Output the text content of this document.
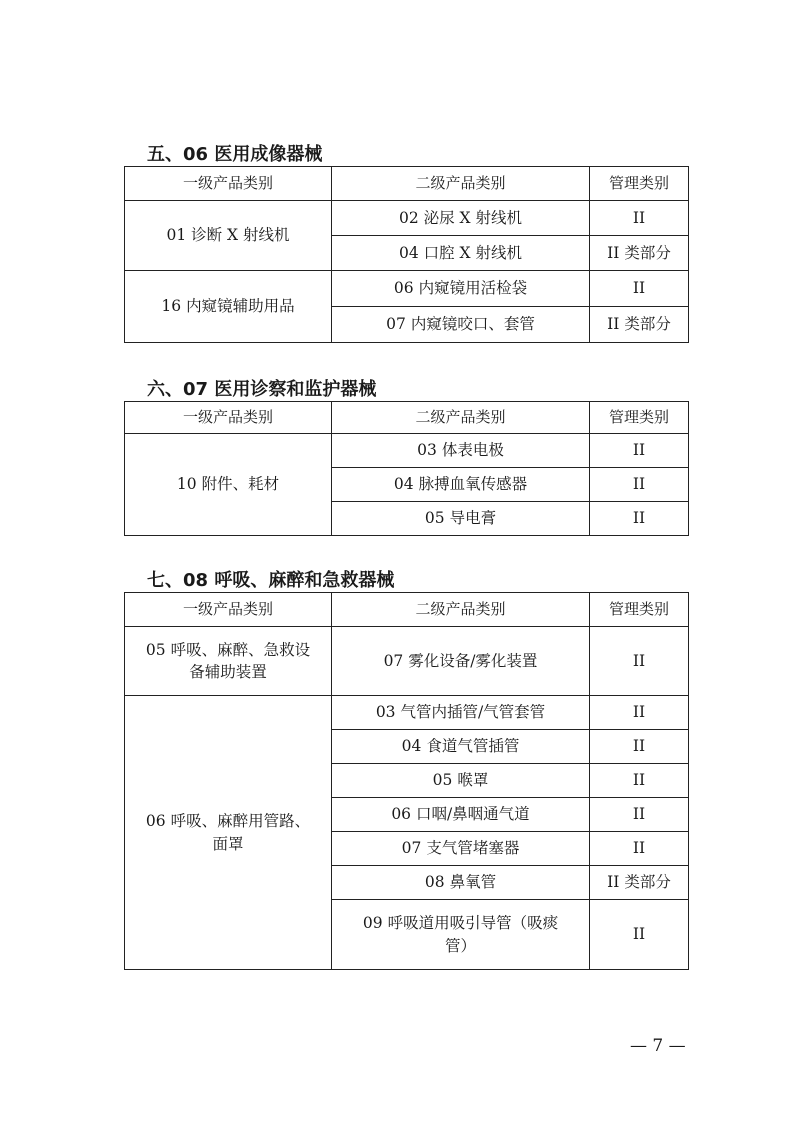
五、06 医用成像器械
一级产品类别	二级产品类别	管理类别
01 诊断 X 射线机	02 泌尿 X 射线机	II
	04 口腔 X 射线机	II 类部分
16 内窥镜辅助用品	06 内窥镜用活检袋	II
	07 内窥镜咬口、套管	II 类部分
六、07 医用诊察和监护器械
一级产品类别	二级产品类别	管理类别
10 附件、耗材	03 体表电极	II
	04 脉搏血氧传感器	II
	05 导电膏	II
七、08 呼吸、麻醉和急救器械
一级产品类别	二级产品类别	管理类别
05 呼吸、麻醉、急救设备辅助装置	07 雾化设备/雾化装置	II
06 呼吸、麻醉用管路、面罩	03 气管内插管/气管套管	II
	04 食道气管插管	II
	05 喉罩	II
	06 口咽/鼻咽通气道	II
	07 支气管堵塞器	II
	08 鼻氧管	II 类部分
	09 呼吸道用吸引导管（吸痰管）	II
— 7 —
